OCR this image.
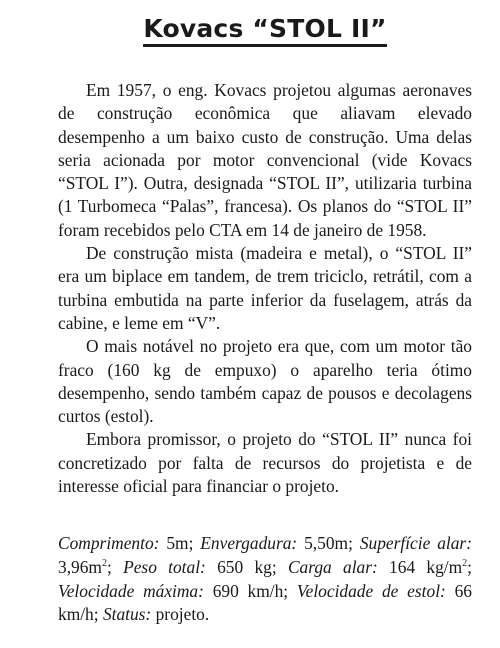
Kovacs “STOL II”

Em 1957, o eng. Kovacs projetou algumas aeronaves de construção econômica que aliavam elevado desempenho a um baixo custo de construção. Uma delas seria acionada por motor convencional (vide Kovacs “STOL I”). Outra, designada “STOL II”, utilizaria turbina (1 Turbomeca “Palas”, francesa). Os planos do “STOL II” foram recebidos pelo CTA em 14 de janeiro de 1958.

De construção mista (madeira e metal), o “STOL II” era um biplace em tandem, de trem triciclo, retrátil, com a turbina embutida na parte inferior da fuselagem, atrás da cabine, e leme em “V”.

O mais notável no projeto era que, com um motor tão fraco (160 kg de empuxo) o aparelho teria ótimo desempenho, sendo também capaz de pousos e decolagens curtos (estol).

Embora promissor, o projeto do “STOL II” nunca foi concretizado por falta de recursos do projetista e de interesse oficial para financiar o projeto.

Comprimento: 5m; Envergadura: 5,50m; Superfície alar: $3,96m^2$; Peso total: 650 kg; Carga alar: 164 $kg/m^2$; Velocidade máxima: 690 km/h; Velocidade de estol: 66 km/h; Status: projeto.
